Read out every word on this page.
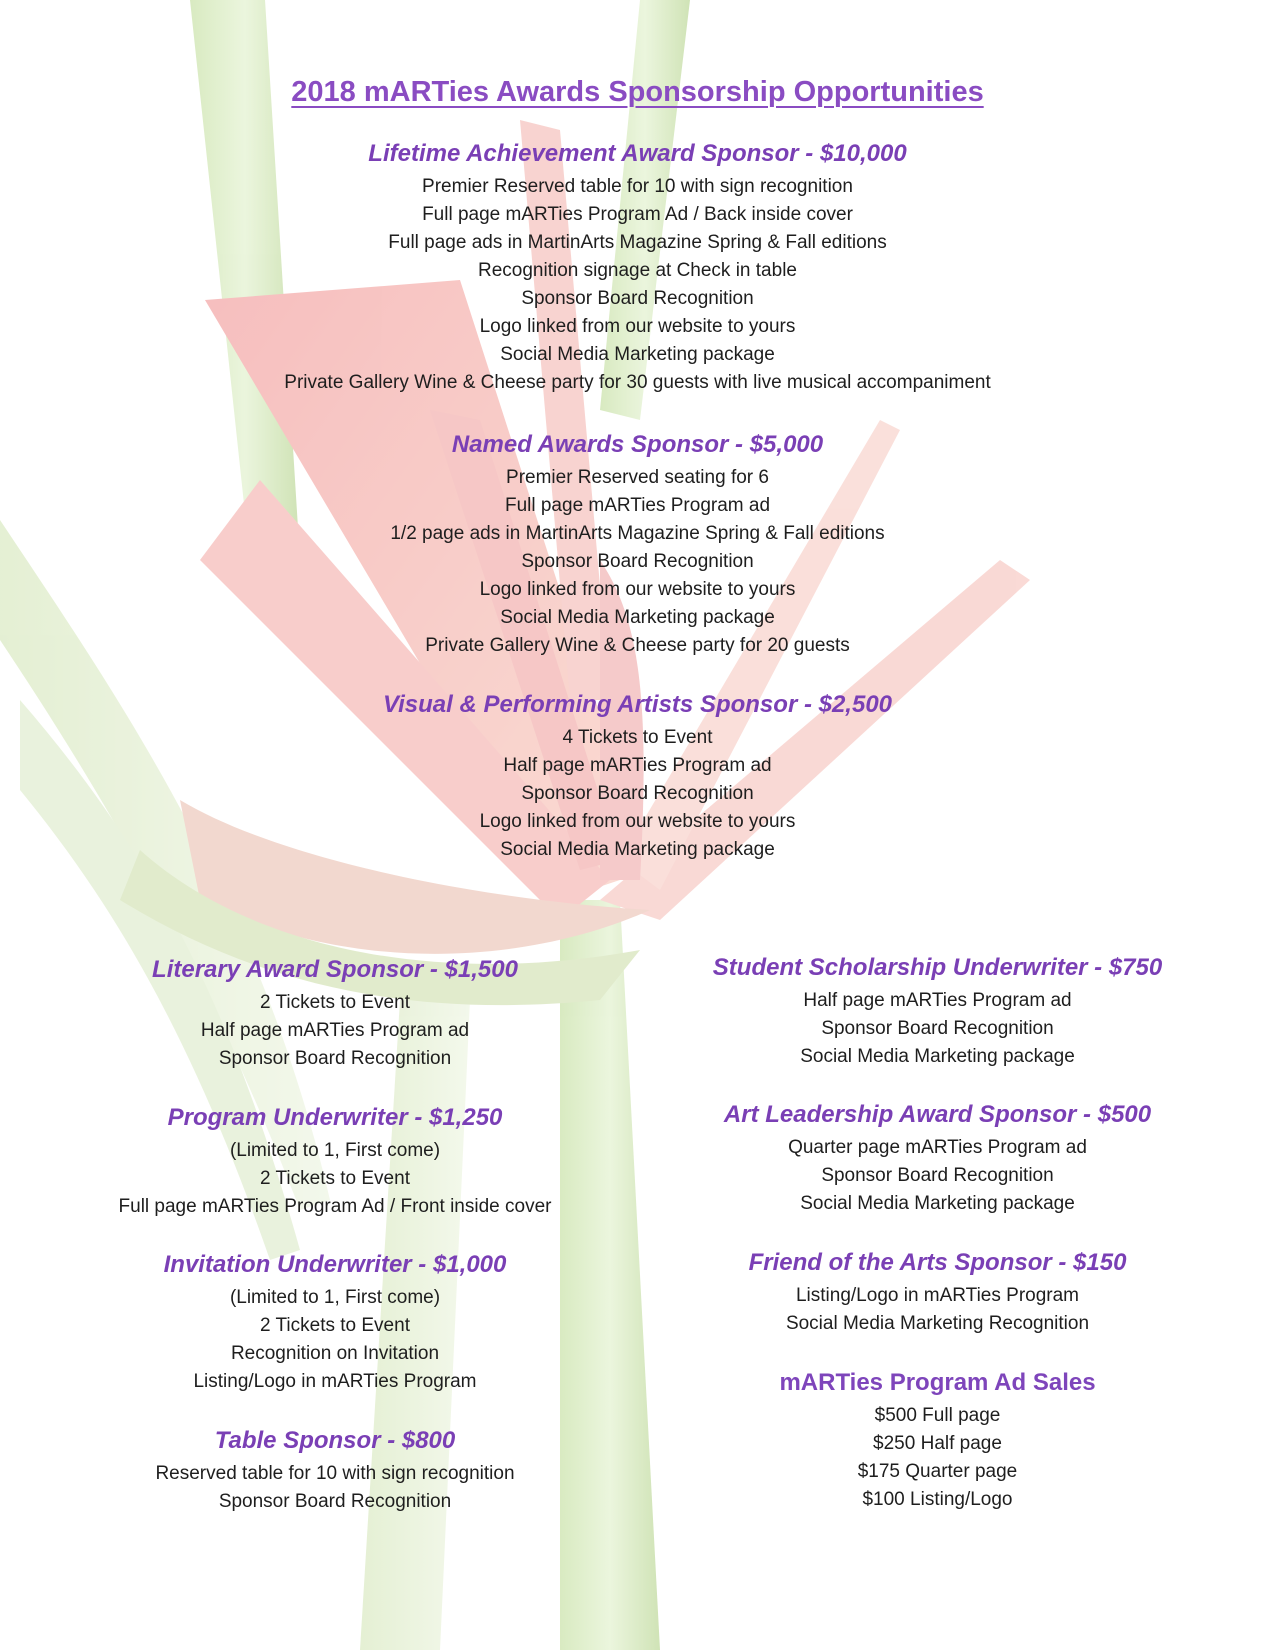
2018 mARTies Awards Sponsorship Opportunities
Lifetime Achievement Award Sponsor - $10,000
Premier Reserved table for 10 with sign recognition
Full page mARTies Program Ad / Back inside cover
Full page ads in MartinArts Magazine Spring & Fall editions
Recognition signage at Check in table
Sponsor Board Recognition
Logo linked from our website to yours
Social Media Marketing package
Private Gallery Wine & Cheese party for 30 guests with live musical accompaniment
Named Awards Sponsor - $5,000
Premier Reserved seating for 6
Full page mARTies Program ad
1/2 page ads in MartinArts Magazine Spring & Fall editions
Sponsor Board Recognition
Logo linked from our website to yours
Social Media Marketing package
Private Gallery Wine & Cheese party for 20 guests
Visual & Performing Artists Sponsor - $2,500
4 Tickets to Event
Half page mARTies Program ad
Sponsor Board Recognition
Logo linked from our website to yours
Social Media Marketing package
Literary Award Sponsor - $1,500
2 Tickets to Event
Half page mARTies Program ad
Sponsor Board Recognition
Program Underwriter - $1,250
(Limited to 1, First come)
2 Tickets to Event
Full page mARTies Program Ad / Front inside cover
Invitation Underwriter - $1,000
(Limited to 1, First come)
2 Tickets to Event
Recognition on Invitation
Listing/Logo in mARTies Program
Table Sponsor - $800
Reserved table for 10 with sign recognition
Sponsor Board Recognition
Student Scholarship Underwriter - $750
Half page mARTies Program ad
Sponsor Board Recognition
Social Media Marketing package
Art Leadership Award Sponsor - $500
Quarter page mARTies Program ad
Sponsor Board Recognition
Social Media Marketing package
Friend of the Arts Sponsor - $150
Listing/Logo in mARTies Program
Social Media Marketing Recognition
mARTies Program Ad Sales
$500 Full page
$250 Half page
$175 Quarter page
$100 Listing/Logo
